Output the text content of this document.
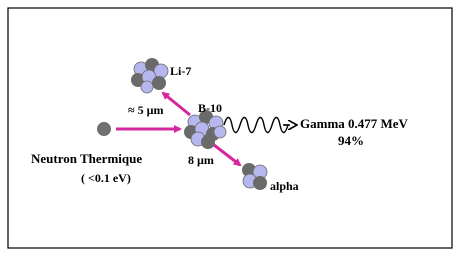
Li-7
B-10
≈ 5 µm
8 µm
alpha
Gamma 0.477 MeV
94%
Neutron Thermique
( <0.1 eV)
